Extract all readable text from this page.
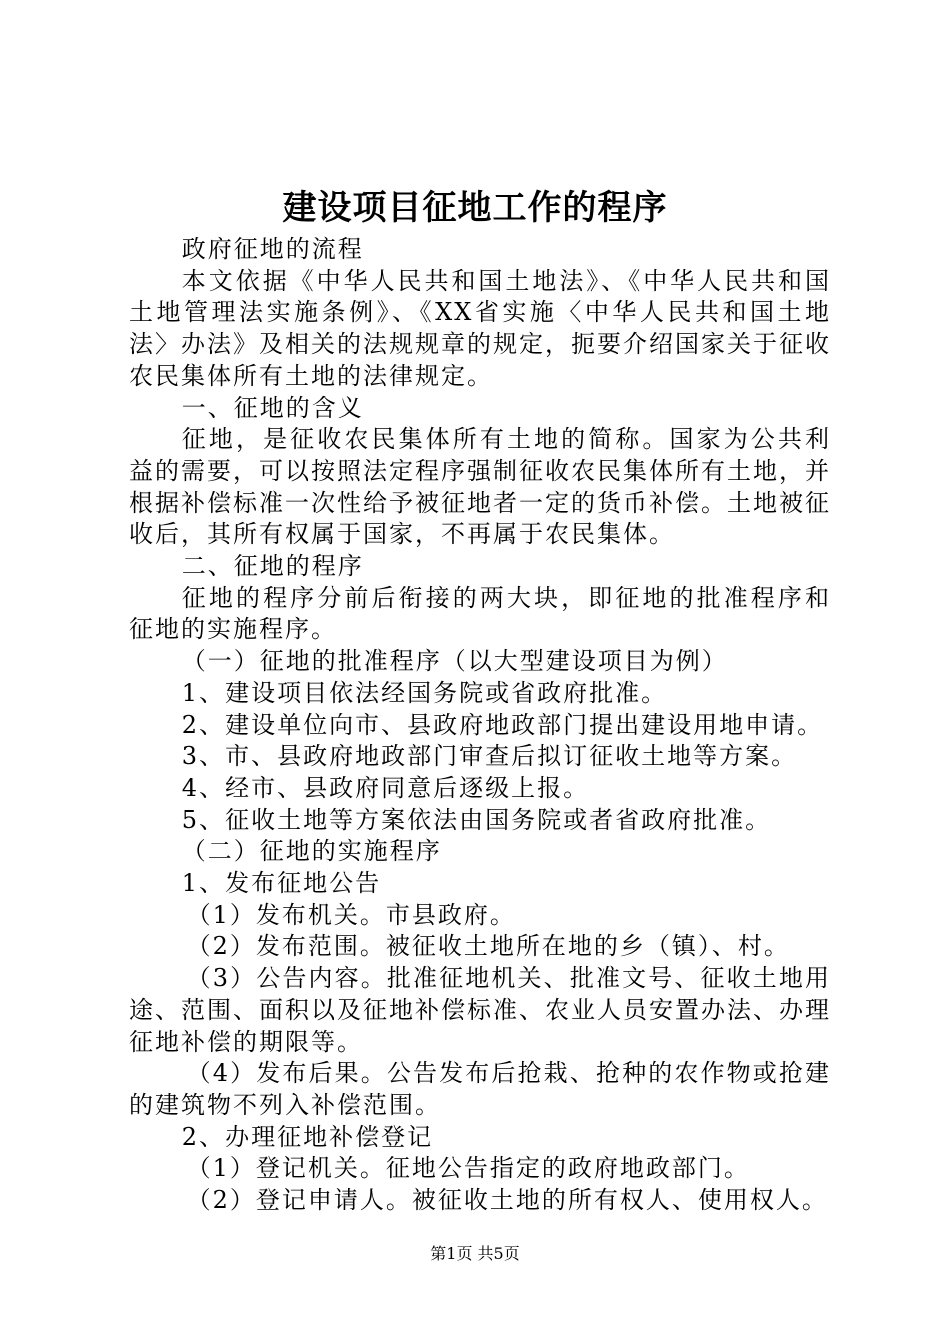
建设项目征地工作的程序

政府征地的流程

本文依据《中华人民共和国土地法》、《中华人民共和国土地管理法实施条例》、《XX省实施〈中华人民共和国土地法〉办法》及相关的法规规章的规定，扼要介绍国家关于征收农民集体所有土地的法律规定。

一、征地的含义

征地，是征收农民集体所有土地的简称。国家为公共利益的需要，可以按照法定程序强制征收农民集体所有土地，并根据补偿标准一次性给予被征地者一定的货币补偿。土地被征收后，其所有权属于国家，不再属于农民集体。

二、征地的程序

征地的程序分前后衔接的两大块，即征地的批准程序和征地的实施程序。

（一）征地的批准程序（以大型建设项目为例）

1、建设项目依法经国务院或省政府批准。

2、建设单位向市、县政府地政部门提出建设用地申请。

3、市、县政府地政部门审查后拟订征收土地等方案。

4、经市、县政府同意后逐级上报。

5、征收土地等方案依法由国务院或者省政府批准。

（二）征地的实施程序

1、发布征地公告

（1）发布机关。市县政府。

（2）发布范围。被征收土地所在地的乡（镇）、村。

（3）公告内容。批准征地机关、批准文号、征收土地用途、范围、面积以及征地补偿标准、农业人员安置办法、办理征地补偿的期限等。

（4）发布后果。公告发布后抢栽、抢种的农作物或抢建的建筑物不列入补偿范围。

2、办理征地补偿登记

（1）登记机关。征地公告指定的政府地政部门。

（2）登记申请人。被征收土地的所有权人、使用权人。

第1页 共5页
